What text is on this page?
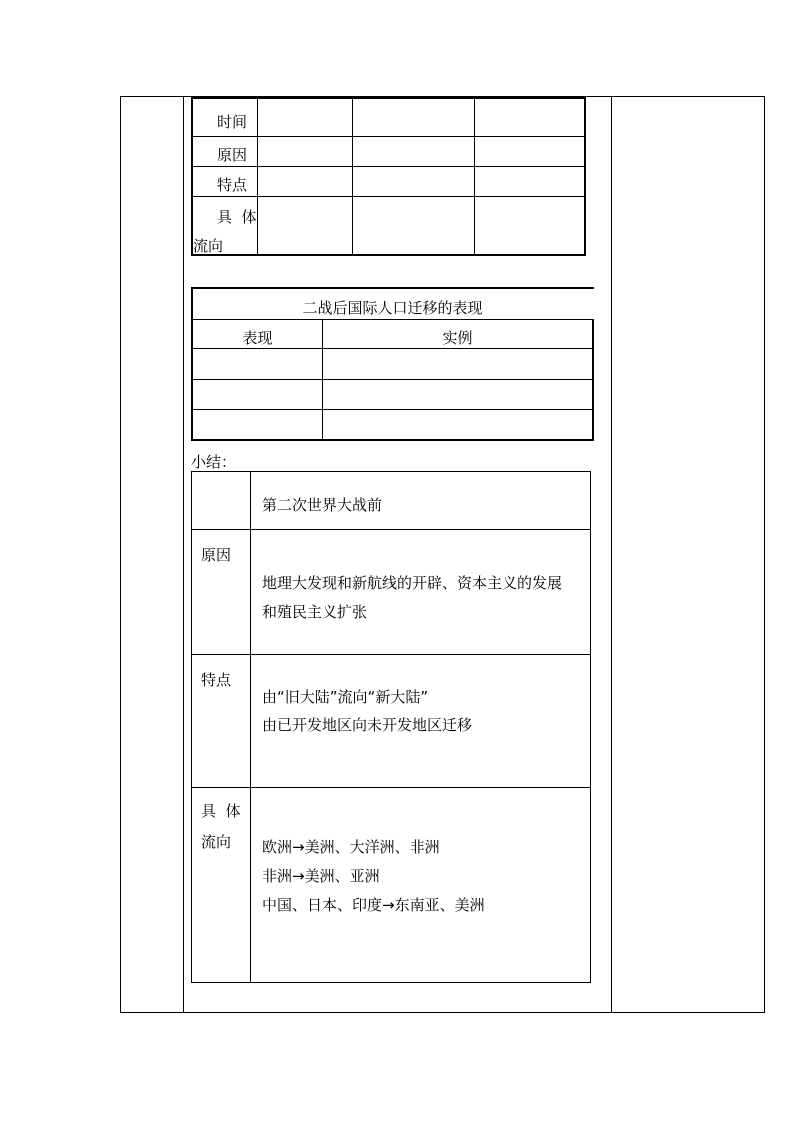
时间
原因
特点
具  体
流向
二战后国际人口迁移的表现
表现	实例
小结：
第二次世界大战前
原因
地理大发现和新航线的开辟、资本主义的发展
和殖民主义扩张
特点
由“旧大陆”流向“新大陆”
由已开发地区向未开发地区迁移
具  体
流向 欧洲→美洲、大洋洲、非洲
非洲→美洲、亚洲
中国、日本、印度→东南亚、美洲
